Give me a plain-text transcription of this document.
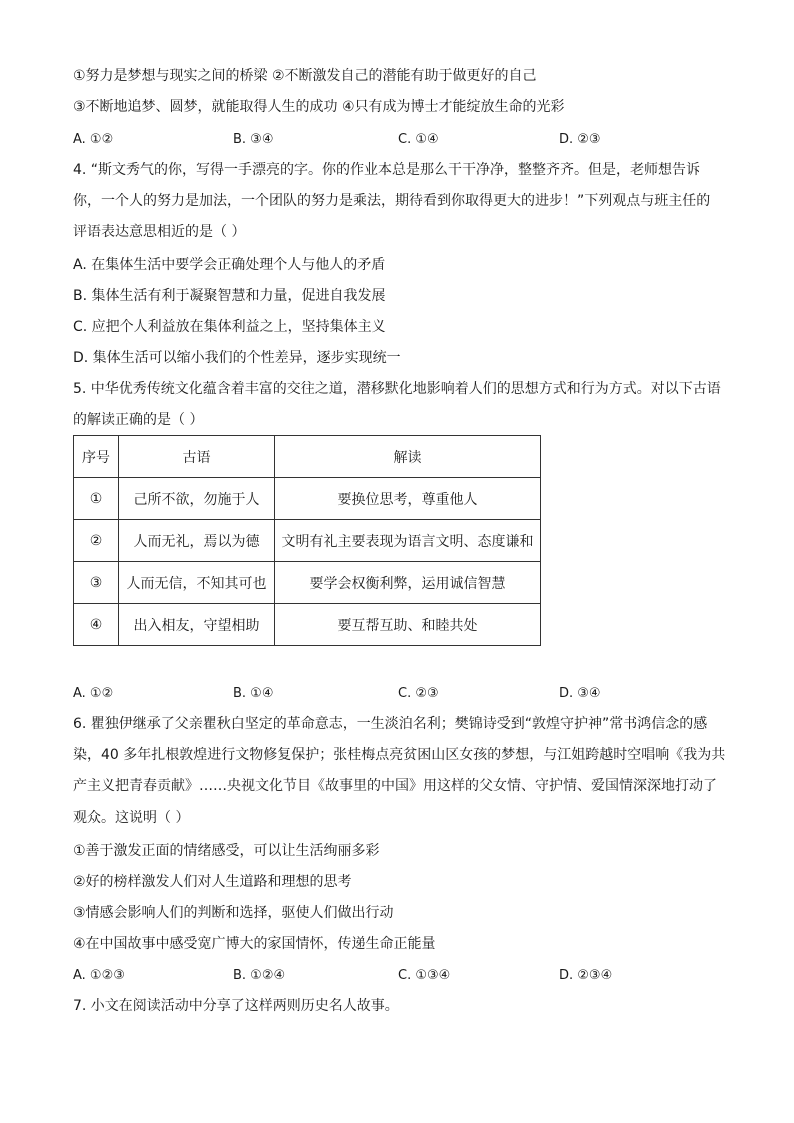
①努力是梦想与现实之间的桥梁 ②不断激发自己的潜能有助于做更好的自己
③不断地追梦、圆梦，就能取得人生的成功 ④只有成为博士才能绽放生命的光彩
A. ①②	B. ③④	C. ①④	D. ②③
4. “斯文秀气的你，写得一手漂亮的字。你的作业本总是那么干干净净，整整齐齐。但是，老师想告诉
你，一个人的努力是加法，一个团队的努力是乘法，期待看到你取得更大的进步！”下列观点与班主任的
评语表达意思相近的是（ ）
A. 在集体生活中要学会正确处理个人与他人的矛盾
B. 集体生活有利于凝聚智慧和力量，促进自我发展
C. 应把个人利益放在集体利益之上，坚持集体主义
D. 集体生活可以缩小我们的个性差异，逐步实现统一
5. 中华优秀传统文化蕴含着丰富的交往之道，潜移默化地影响着人们的思想方式和行为方式。对以下古语
的解读正确的是（ ）
序号	古语	解读
①	己所不欲，勿施于人	要换位思考，尊重他人
②	人而无礼，焉以为德	文明有礼主要表现为语言文明、态度谦和
③	人而无信，不知其可也	要学会权衡利弊，运用诚信智慧
④	出入相友，守望相助	要互帮互助、和睦共处
A. ①②	B. ①④	C. ②③	D. ③④
6. 瞿独伊继承了父亲瞿秋白坚定的革命意志，一生淡泊名利；樊锦诗受到“敦煌守护神”常书鸿信念的感
染，40 多年扎根敦煌进行文物修复保护；张桂梅点亮贫困山区女孩的梦想，与江姐跨越时空唱响《我为共
产主义把青春贡献》……央视文化节目《故事里的中国》用这样的父女情、守护情、爱国情深深地打动了
观众。这说明（ ）
①善于激发正面的情绪感受，可以让生活绚丽多彩
②好的榜样激发人们对人生道路和理想的思考
③情感会影响人们的判断和选择，驱使人们做出行动
④在中国故事中感受宽广博大的家国情怀，传递生命正能量
A. ①②③	B. ①②④	C. ①③④	D. ②③④
7. 小文在阅读活动中分享了这样两则历史名人故事。
